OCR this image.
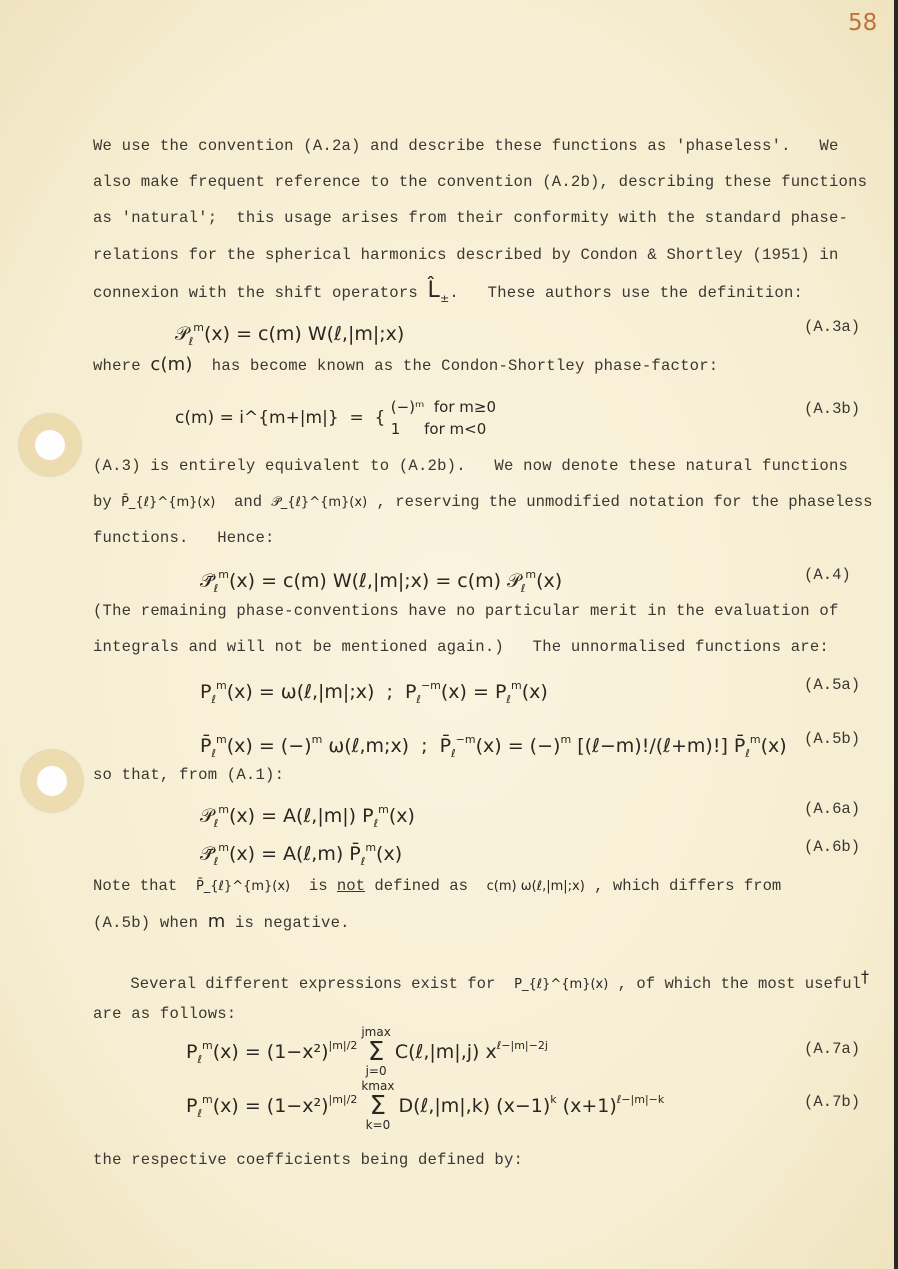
58
We use the convention (A.2a) and describe these functions as 'phaseless'.   We
also make frequent reference to the convention (A.2b), describing these functions
as 'natural';  this usage arises from their conformity with the standard phase-
relations for the spherical harmonics described by Condon & Shortley (1951) in
connexion with the shift operators $L̂_\pm$.   These authors use the definition:
𝒫$_\ell^m$(x) = c(m) W(ℓ,|m|;x)	(A.3a)
where c(m)  has become known as the Condon-Shortley phase-factor:
c(m) = i^{m+|m|}  =  { (−)ᵐ  for m≥0
1     for m<0
(A.3b)
(A.3) is entirely equivalent to (A.2b).   We now denote these natural functions
by P̄_{ℓ}^{m}(x)  and 𝒫̄_{ℓ}^{m}(x) , reserving the unmodified notation for the phaseless
functions.   Hence:
$𝒫̄_\ell^m(x) = c(m)$ W(ℓ,|m|;x) = c(m) 𝒫$_\ell^m$(x)	(A.4)
(The remaining phase-conventions have no particular merit in the evaluation of
integrals and will not be mentioned again.)   The unnormalised functions are:
$P_\ell^m(x)$ = ω(ℓ,|m|;x)  ;  $P_\ell^{-m}(x) = P_\ell^m(x)$	(A.5a)
$P̄_\ell^m(x) = (-)^m$ ω(ℓ,m;x)  ;  $P̄_\ell^{-m}(x) = (-)^m$ [(ℓ−m)!/(ℓ+m)!] $P̄_\ell^m(x)$ (A.5b)
so that, from (A.1):
𝒫$_\ell^m$(x) = A(ℓ,|m|) $P_\ell^m(x)$	(A.6a)
$𝒫̄_\ell^m(x)$ = A(ℓ,m) $P̄_\ell^m(x)$	(A.6b)
Note that  P̄_{ℓ}^{m}(x)  is not defined as  c(m) ω(ℓ,|m|;x) , which differs from
(A.5b) when m is negative.
Several different expressions exist for  P_{ℓ}^{m}(x) , of which the most useful†
are as follows:
$P_\ell^m(x) = (1-x^2)^{|m|/2}jmax$
Σ
j=0C(ℓ,|m|,j) $x^{\ell-|m|-2j}$	(A.7a)
$P_\ell^m(x) = (1-x^2)^{|m|/2}kmax$
Σ
k=0D(ℓ,|m|,k) $(x-1)^k$ $(x+1)^{\ell-|m|-k}$	(A.7b)
the respective coefficients being defined by:
